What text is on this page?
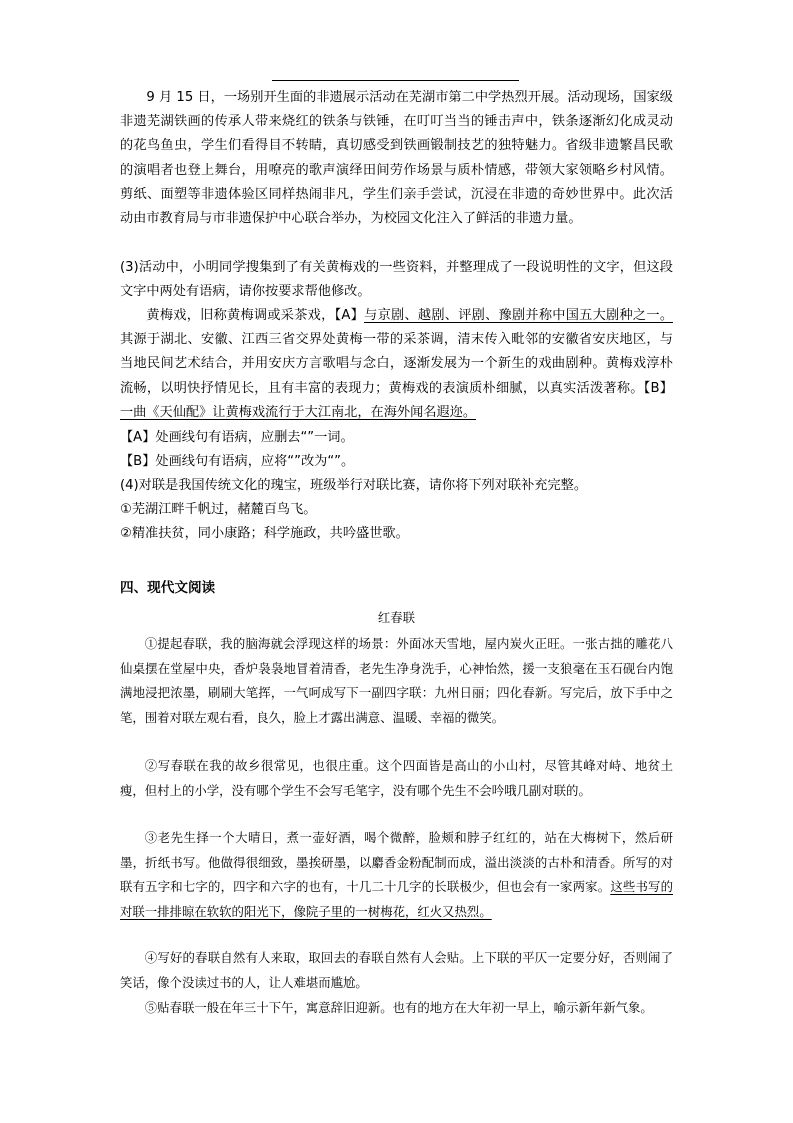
9 月 15 日，一场别开生面的非遗展示活动在芜湖市第二中学热烈开展。活动现场，国家级非遗芜湖铁画的传承人带来烧红的铁条与铁锤，在叮叮当当的锤击声中，铁条逐渐幻化成灵动的花鸟鱼虫，学生们看得目不转睛，真切感受到铁画锻制技艺的独特魅力。省级非遗繁昌民歌的演唱者也登上舞台，用嘹亮的歌声演绎田间劳作场景与质朴情感，带领大家领略乡村风情。剪纸、面塑等非遗体验区同样热闹非凡，学生们亲手尝试，沉浸在非遗的奇妙世界中。此次活动由市教育局与市非遗保护中心联合举办，为校园文化注入了鲜活的非遗力量。

(3)活动中，小明同学搜集到了有关黄梅戏的一些资料，并整理成了一段说明性的文字，但这段文字中两处有语病，请你按要求帮他修改。

黄梅戏，旧称黄梅调或采茶戏，【A】与京剧、越剧、评剧、豫剧并称中国五大剧种之一。其源于湖北、安徽、江西三省交界处黄梅一带的采茶调，清末传入毗邻的安徽省安庆地区，与当地民间艺术结合，并用安庆方言歌唱与念白，逐渐发展为一个新生的戏曲剧种。黄梅戏淳朴流畅，以明快抒情见长，且有丰富的表现力；黄梅戏的表演质朴细腻，以真实活泼著称。【B】一曲《天仙配》让黄梅戏流行于大江南北，在海外闻名遐迩。

【A】处画线句有语病，应删去“”一词。

【B】处画线句有语病，应将“”改为“”。

(4)对联是我国传统文化的瑰宝，班级举行对联比赛，请你将下列对联补充完整。

①芜湖江畔千帆过，赭麓百鸟飞。

②精准扶贫，同小康路；科学施政，共吟盛世歌。

四、现代文阅读
红春联

①提起春联，我的脑海就会浮现这样的场景：外面冰天雪地，屋内炭火正旺。一张古拙的雕花八仙桌摆在堂屋中央，香炉袅袅地冒着清香，老先生净身洗手，心神怡然，援一支狼毫在玉石砚台内饱满地浸把浓墨，刷刷大笔挥，一气呵成写下一副四字联：九州日丽；四化春新。写完后，放下手中之笔，围着对联左观右看，良久，脸上才露出满意、温暖、幸福的微笑。

②写春联在我的故乡很常见，也很庄重。这个四面皆是高山的小山村，尽管其峰对峙、地贫土瘦，但村上的小学，没有哪个学生不会写毛笔字，没有哪个先生不会吟哦几副对联的。

③老先生择一个大晴日，煮一壶好酒，喝个微醉，脸颊和脖子红红的，站在大梅树下，然后研墨，折纸书写。他做得很细致，墨挨研墨，以麝香金粉配制而成，溢出淡淡的古朴和清香。所写的对联有五字和七字的，四字和六字的也有，十几二十几字的长联极少，但也会有一家两家。这些书写的对联一排排晾在软软的阳光下，像院子里的一树梅花，红火又热烈。

④写好的春联自然有人来取，取回去的春联自然有人会贴。上下联的平仄一定要分好，否则闹了笑话，像个没读过书的人，让人难堪而尴尬。

⑤贴春联一般在年三十下午，寓意辞旧迎新。也有的地方在大年初一早上，喻示新年新气象。
